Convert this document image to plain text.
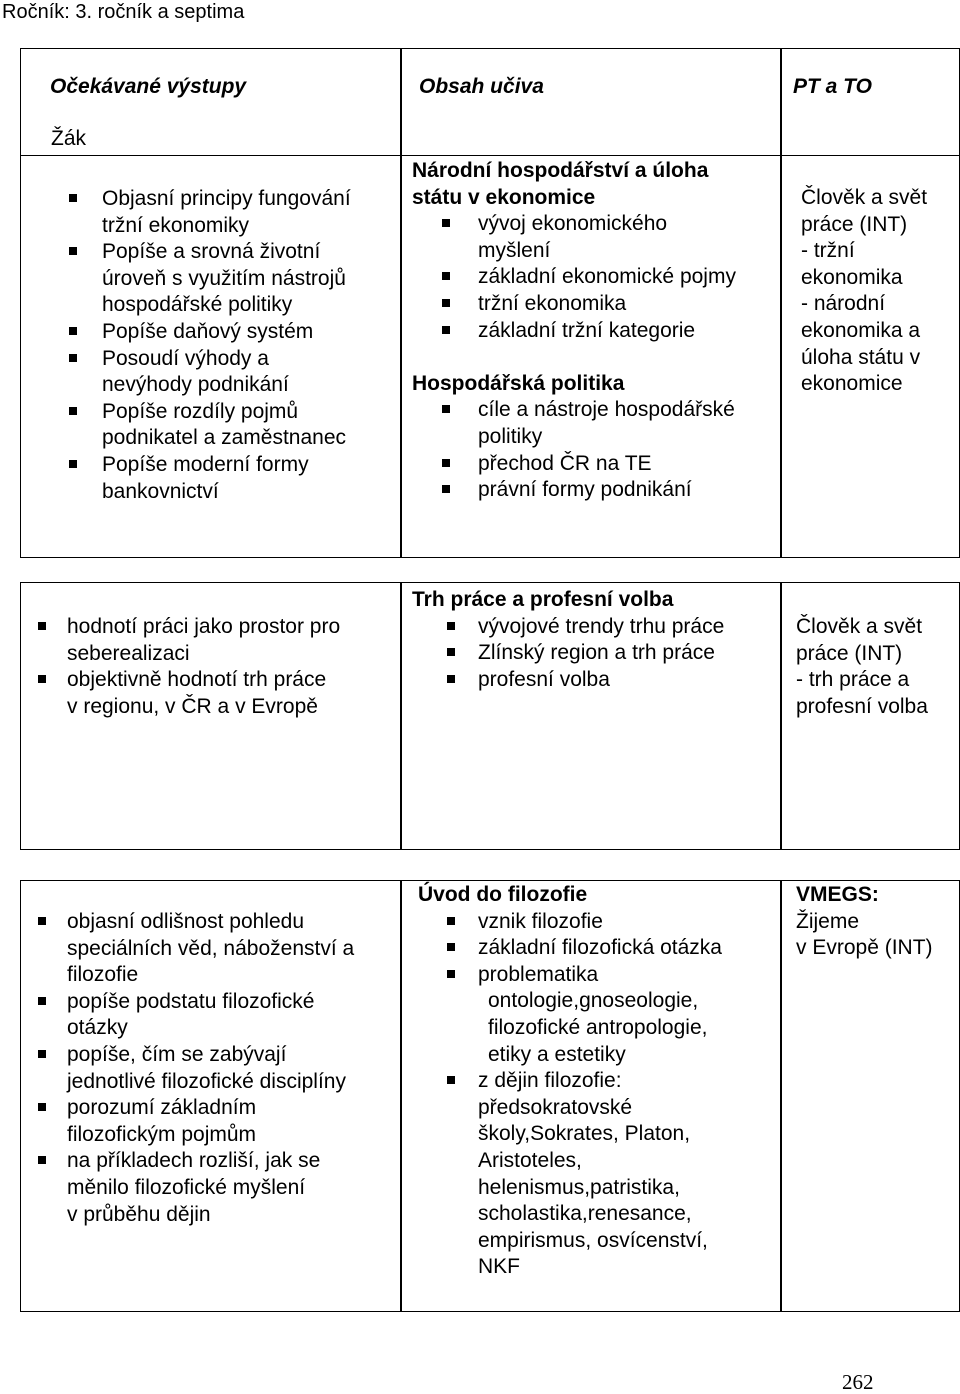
Ročník: 3. ročník a septima
Očekávané výstupy	Obsah učiva	PT a TO
Žák
Objasní principy fungování
tržní ekonomiky
Popíše a srovná životní
úroveň s využitím nástrojů
hospodářské politiky
Popíše daňový systém
Posoudí výhody a
nevýhody podnikání
Popíše rozdíly pojmů
podnikatel a zaměstnanec
Popíše moderní formy
bankovnictví
Národní hospodářství a úloha
státu v ekonomice
vývoj ekonomického
myšlení
základní ekonomické pojmy
tržní ekonomika
základní tržní kategorie
Hospodářská politika
cíle a nástroje hospodářské
politiky
přechod ČR na TE
právní formy podnikání
Člověk a svět
práce (INT)
- tržní
ekonomika
- národní
ekonomika a
úloha státu v
ekonomice
hodnotí práci jako prostor pro
seberealizaci
objektivně hodnotí trh práce
v regionu, v ČR a v Evropě
Trh práce a profesní volba
vývojové trendy trhu práce
Zlínský region a trh práce
profesní volba
Člověk a svět
práce (INT)
- trh práce a
profesní volba
objasní odlišnost pohledu
speciálních věd, náboženství a
filozofie
popíše podstatu filozofické
otázky
popíše, čím se zabývají
jednotlivé filozofické disciplíny
porozumí základním
filozofickým pojmům
na příkladech rozliší, jak se
měnilo filozofické myšlení
v průběhu dějin
Úvod do filozofie
vznik filozofie
základní filozofická otázka
problematika
ontologie,gnoseologie,
filozofické antropologie,
etiky a estetiky
z dějin filozofie:
předsokratovské
školy,Sokrates, Platon,
Aristoteles,
helenismus,patristika,
scholastika,renesance,
empirismus, osvícenství,
NKF
VMEGS:
Žijeme
v Evropě (INT)
262
